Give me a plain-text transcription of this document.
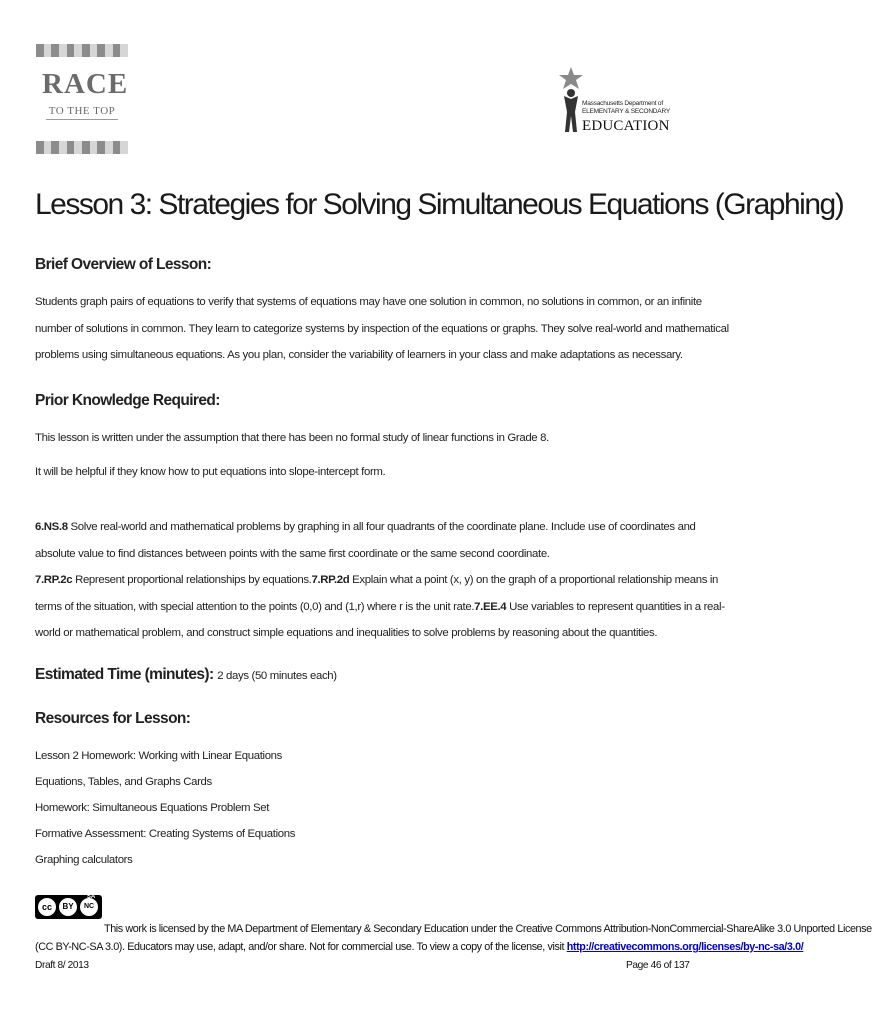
RACE
TO THE TOP
Massachusetts Department of
ELEMENTARY & SECONDARY
EDUCATION
Lesson 3: Strategies for Solving Simultaneous Equations (Graphing)
Brief Overview of Lesson:
Students graph pairs of equations to verify that systems of equations may have one solution in common, no solutions in common, or an infinite number of solutions in common. They learn to categorize systems by inspection of the equations or graphs. They solve real-world and mathematical problems using simultaneous equations. As you plan, consider the variability of learners in your class and make adaptations as necessary.
Prior Knowledge Required:
This lesson is written under the assumption that there has been no formal study of linear functions in Grade 8.
It will be helpful if they know how to put equations into slope-intercept form.
6.NS.8 Solve real-world and mathematical problems by graphing in all four quadrants of the coordinate plane. Include use of coordinates and absolute value to find distances between points with the same first coordinate or the same second coordinate.
7.RP.2c Represent proportional relationships by equations.7.RP.2d Explain what a point (x, y) on the graph of a proportional relationship means in terms of the situation, with special attention to the points (0,0) and (1,r) where r is the unit rate.7.EE.4 Use variables to represent quantities in a real-world or mathematical problem, and construct simple equations and inequalities to solve problems by reasoning about the quantities.
Estimated Time (minutes): 2 days (50 minutes each)
Resources for Lesson:
Lesson 2 Homework: Working with Linear Equations
Equations, Tables, and Graphs Cards
Homework: Simultaneous Equations Problem Set
Formative Assessment: Creating Systems of Equations
Graphing calculators
cc	BY	NC
SA
This work is licensed by the MA Department of Elementary & Secondary Education under the Creative Commons Attribution-NonCommercial-ShareAlike 3.0 Unported License
(CC BY-NC-SA 3.0). Educators may use, adapt, and/or share. Not for commercial use. To view a copy of the license, visit http://creativecommons.org/licenses/by-nc-sa/3.0/
Draft 8/ 2013	Page 46 of 137
